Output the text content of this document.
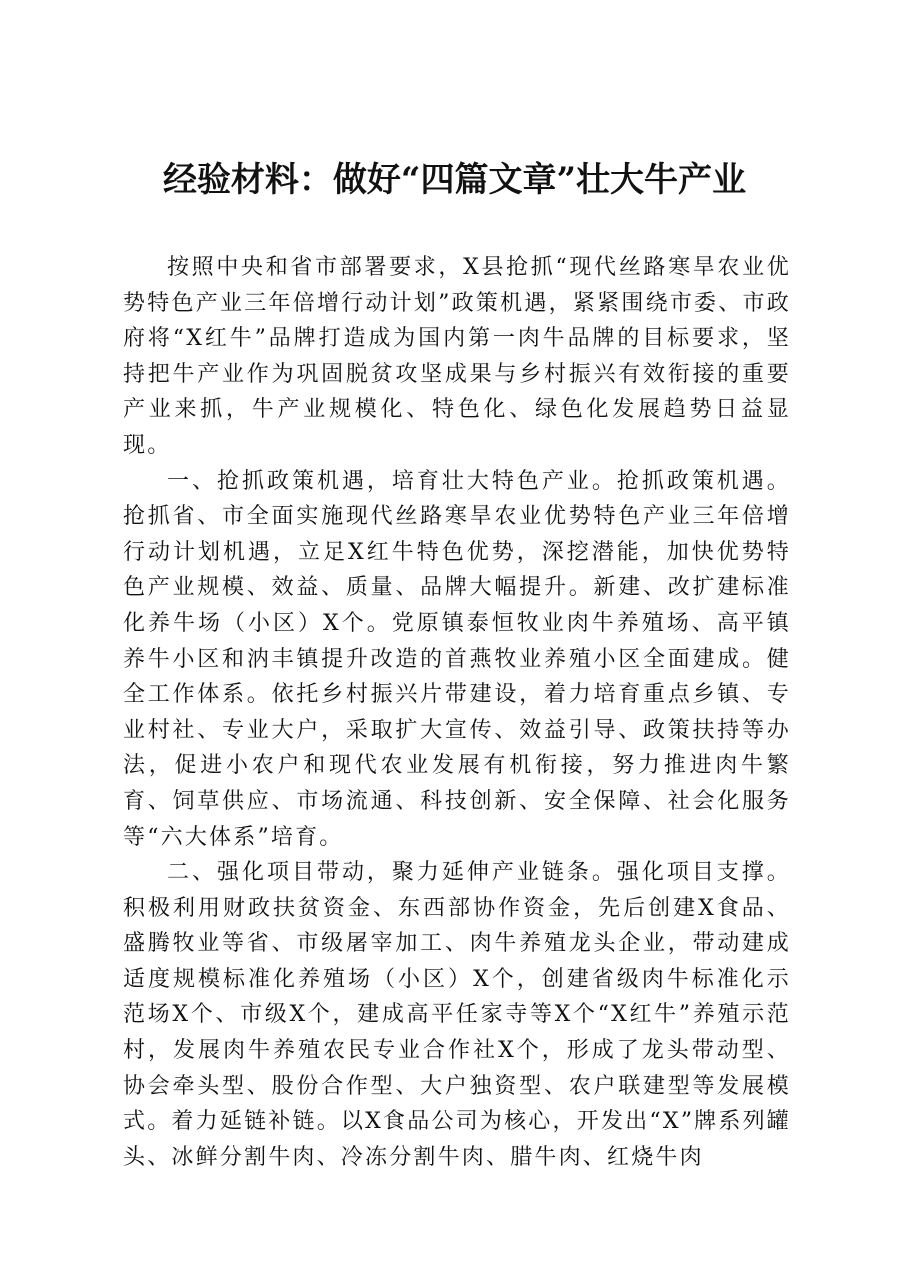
经验材料：做好“四篇文章”壮大牛产业

按照中央和省市部署要求，X县抢抓“现代丝路寒旱农业优势特色产业三年倍增行动计划”政策机遇，紧紧围绕市委、市政府将“X红牛”品牌打造成为国内第一肉牛品牌的目标要求，坚持把牛产业作为巩固脱贫攻坚成果与乡村振兴有效衔接的重要产业来抓，牛产业规模化、特色化、绿色化发展趋势日益显现。

一、抢抓政策机遇，培育壮大特色产业。抢抓政策机遇。抢抓省、市全面实施现代丝路寒旱农业优势特色产业三年倍增行动计划机遇，立足X红牛特色优势，深挖潜能，加快优势特色产业规模、效益、质量、品牌大幅提升。新建、改扩建标准化养牛场（小区）X个。党原镇泰恒牧业肉牛养殖场、高平镇养牛小区和汭丰镇提升改造的首燕牧业养殖小区全面建成。健全工作体系。依托乡村振兴片带建设，着力培育重点乡镇、专业村社、专业大户，采取扩大宣传、效益引导、政策扶持等办法，促进小农户和现代农业发展有机衔接，努力推进肉牛繁育、饲草供应、市场流通、科技创新、安全保障、社会化服务等“六大体系”培育。

二、强化项目带动，聚力延伸产业链条。强化项目支撑。积极利用财政扶贫资金、东西部协作资金，先后创建X食品、盛腾牧业等省、市级屠宰加工、肉牛养殖龙头企业，带动建成适度规模标准化养殖场（小区）X个，创建省级肉牛标准化示范场X个、市级X个，建成高平任家寺等X个“X红牛”养殖示范村，发展肉牛养殖农民专业合作社X个，形成了龙头带动型、协会牵头型、股份合作型、大户独资型、农户联建型等发展模式。着力延链补链。以X食品公司为核心，开发出“X”牌系列罐头、冰鲜分割牛肉、冷冻分割牛肉、腊牛肉、红烧牛肉
